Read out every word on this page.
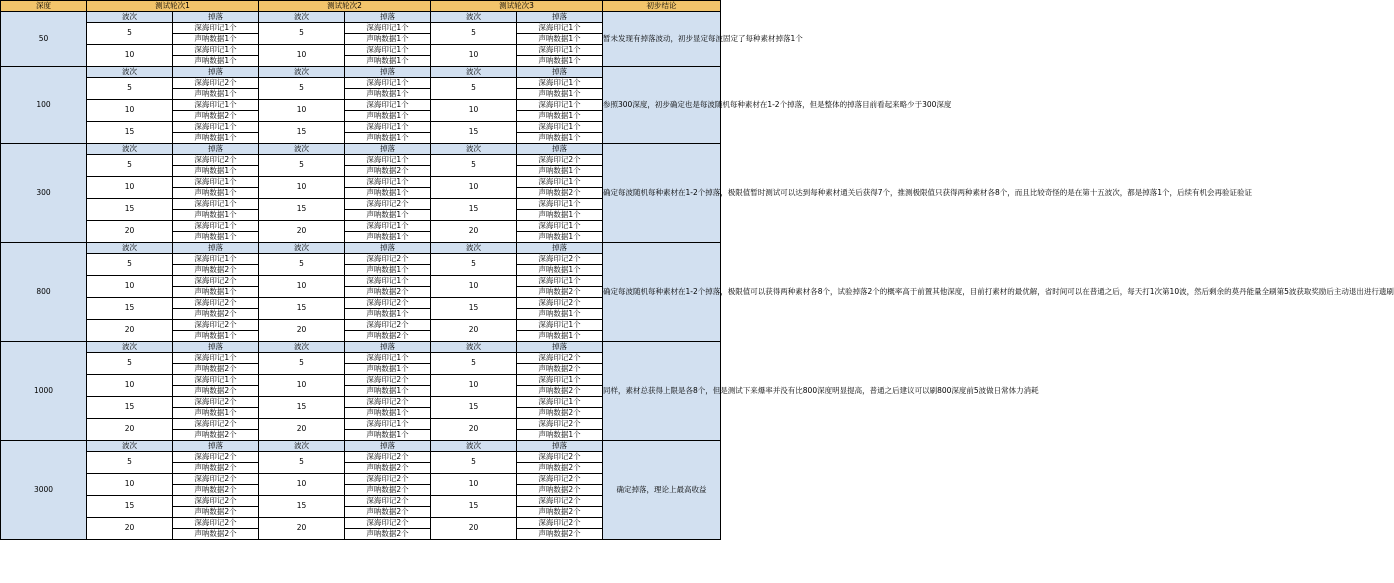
深度	测试轮次1		测试轮次2		测试轮次3		初步结论
50	波次	掉落	波次	掉落	波次	掉落	暂未发现有掉落波动，初步显定每波固定了每种素材掉落1个
	5	深海印记1个	5	深海印记1个	5	深海印记1个	
		声呐数据1个		声呐数据1个		声呐数据1个	
	10	深海印记1个	10	深海印记1个	10	深海印记1个	
		声呐数据1个		声呐数据1个		声呐数据1个	
100	波次	掉落	波次	掉落	波次	掉落	参照300深度，初步确定也是每波随机每种素材在1-2个掉落，但是整体的掉落目前看起来略少于300深度
	5	深海印记2个	5	深海印记1个	5	深海印记1个	
		声呐数据1个		声呐数据1个		声呐数据1个	
	10	深海印记1个	10	深海印记1个	10	深海印记1个	
		声呐数据2个		声呐数据1个		声呐数据1个	
	15	深海印记1个	15	深海印记1个	15	深海印记1个	
		声呐数据1个		声呐数据1个		声呐数据1个	
300	波次	掉落	波次	掉落	波次	掉落	确定每波随机每种素材在1-2个掉落，极限值暂时测试可以达到每种素材通关后获得7个，推测极限值只获得两种素材各8个，而且比较奇怪的是在第十五波次，都是掉落1个，后续有机会再验证验证
	5	深海印记2个	5	深海印记1个	5	深海印记2个	
		声呐数据1个		声呐数据2个		声呐数据1个	
	10	深海印记1个	10	深海印记1个	10	深海印记1个	
		声呐数据1个		声呐数据1个		声呐数据2个	
	15	深海印记1个	15	深海印记2个	15	深海印记1个	
		声呐数据1个		声呐数据1个		声呐数据1个	
	20	深海印记1个	20	深海印记1个	20	深海印记1个	
		声呐数据1个		声呐数据1个		声呐数据1个	
800	波次	掉落	波次	掉落	波次	掉落	确定每波随机每种素材在1-2个掉落，极限值可以获得两种素材各8个，试验掉落2个的概率高于前置其他深度，目前打素材的最优解，省时间可以在普通之后，每天打1次第10波，然后剩余的莫丹能量全刷第5波获取奖励后主动退出进行遗刷
	5	深海印记1个	5	深海印记2个	5	深海印记2个	
		声呐数据2个		声呐数据1个		声呐数据1个	
	10	深海印记2个	10	深海印记1个	10	深海印记1个	
		声呐数据1个		声呐数据2个		声呐数据2个	
	15	深海印记2个	15	深海印记2个	15	深海印记2个	
		声呐数据2个		声呐数据1个		声呐数据1个	
	20	深海印记2个	20	深海印记2个	20	深海印记1个	
		声呐数据1个		声呐数据2个		声呐数据1个	
1000	波次	掉落	波次	掉落	波次	掉落	同样，素材总获得上限是各8个，但是测试下来爆率并没有比800深度明显提高，普通之后建议可以刷800深度前5波做日常体力消耗
	5	深海印记1个	5	深海印记1个	5	深海印记2个	
		声呐数据2个		声呐数据1个		声呐数据2个	
	10	深海印记1个	10	深海印记2个	10	深海印记1个	
		声呐数据2个		声呐数据1个		声呐数据2个	
	15	深海印记2个	15	深海印记2个	15	深海印记1个	
		声呐数据1个		声呐数据1个		声呐数据2个	
	20	深海印记2个	20	深海印记1个	20	深海印记2个	
		声呐数据2个		声呐数据1个		声呐数据1个	
3000	波次	掉落	波次	掉落	波次	掉落	确定掉落，理论上最高收益
	5	深海印记2个	5	深海印记2个	5	深海印记2个	
		声呐数据2个		声呐数据2个		声呐数据2个	
	10	深海印记2个	10	深海印记2个	10	深海印记2个	
		声呐数据2个		声呐数据2个		声呐数据2个	
	15	深海印记2个	15	深海印记2个	15	深海印记2个	
		声呐数据2个		声呐数据2个		声呐数据2个	
	20	深海印记2个	20	深海印记2个	20	深海印记2个	
		声呐数据2个		声呐数据2个		声呐数据2个	
